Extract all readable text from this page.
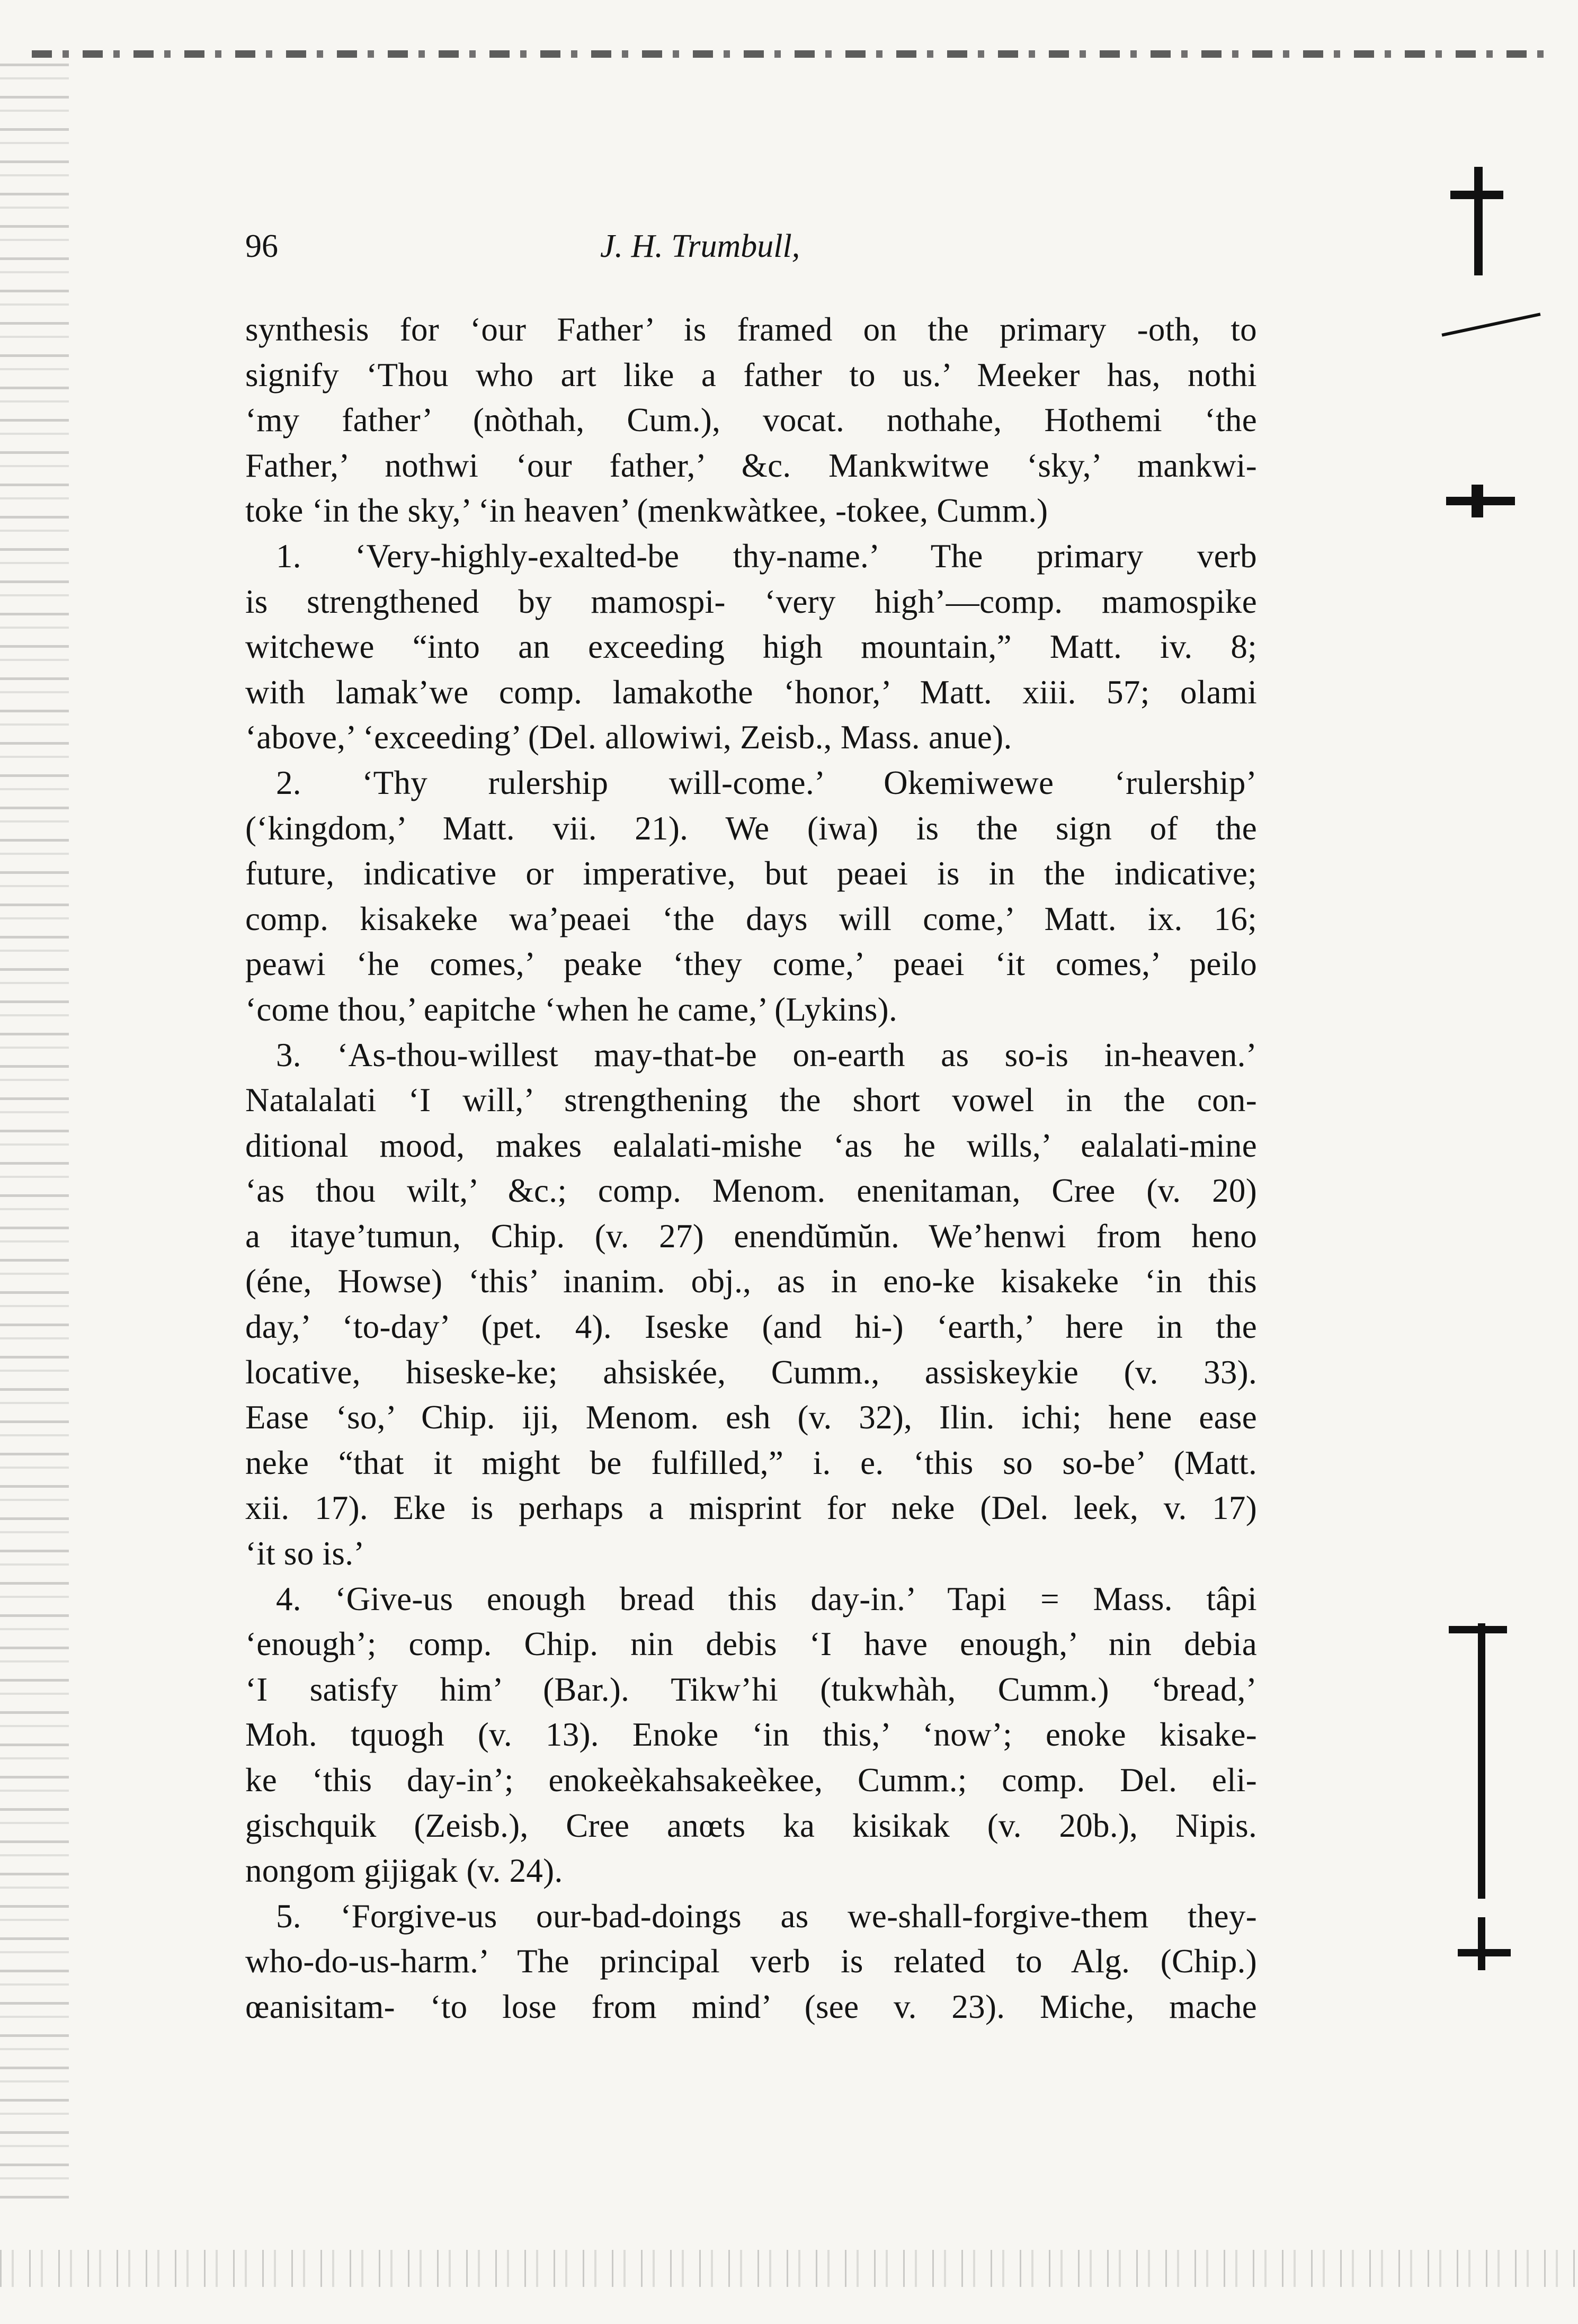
96	J. H. Trumbull,
synthesis for ‘our Father’ is framed on the primary -oth, to
signify ‘Thou who art like a father to us.’ Meeker has, nothi
‘my father’ (nòthah, Cum.), vocat. nothahe, Hothemi ‘the
Father,’ nothwi ‘our father,’ &c. Mankwitwe ‘sky,’ mankwi-
toke ‘in the sky,’ ‘in heaven’ (menkwàtkee, -tokee, Cumm.)
1. ‘Very-highly-exalted-be thy-name.’ The primary verb
is strengthened by mamospi- ‘very high’—comp. mamospike
witchewe “into an exceeding high mountain,” Matt. iv. 8;
with lamak’we comp. lamakothe ‘honor,’ Matt. xiii. 57; olami
‘above,’ ‘exceeding’ (Del. allowiwi, Zeisb., Mass. anue).
2. ‘Thy rulership will-come.’ Okemiwewe ‘rulership’
(‘kingdom,’ Matt. vii. 21). We (iwa) is the sign of the
future, indicative or imperative, but peaei is in the indicative;
comp. kisakeke wa’peaei ‘the days will come,’ Matt. ix. 16;
peawi ‘he comes,’ peake ‘they come,’ peaei ‘it comes,’ peilo
‘come thou,’ eapitche ‘when he came,’ (Lykins).
3. ‘As-thou-willest may-that-be on-earth as so-is in-heaven.’
Natalalati ‘I will,’ strengthening the short vowel in the con-
ditional mood, makes ealalati-mishe ‘as he wills,’ ealalati-mine
‘as thou wilt,’ &c.; comp. Menom. enenitaman, Cree (v. 20)
a itaye’tumun, Chip. (v. 27) enendŭmŭn. We’henwi from heno
(éne, Howse) ‘this’ inanim. obj., as in eno-ke kisakeke ‘in this
day,’ ‘to-day’ (pet. 4). Iseske (and hi-) ‘earth,’ here in the
locative, hiseske-ke; ahsiskée, Cumm., assiskeykie (v. 33).
Ease ‘so,’ Chip. iji, Menom. esh (v. 32), Ilin. ichi; hene ease
neke “that it might be fulfilled,” i. e. ‘this so so-be’ (Matt.
xii. 17). Eke is perhaps a misprint for neke (Del. leek, v. 17)
‘it so is.’
4. ‘Give-us enough bread this day-in.’ Tapi = Mass. tâpi
‘enough’; comp. Chip. nin debis ‘I have enough,’ nin debia
‘I satisfy him’ (Bar.). Tikw’hi (tukwhàh, Cumm.) ‘bread,’
Moh. tquogh (v. 13). Enoke ‘in this,’ ‘now’; enoke kisake-
ke ‘this day-in’; enokeèkahsakeèkee, Cumm.; comp. Del. eli-
gischquik (Zeisb.), Cree anœts ka kisikak (v. 20b.), Nipis.
nongom gijigak (v. 24).
5. ‘Forgive-us our-bad-doings as we-shall-forgive-them they-
who-do-us-harm.’ The principal verb is related to Alg. (Chip.)
œanisitam- ‘to lose from mind’ (see v. 23). Miche, mache
